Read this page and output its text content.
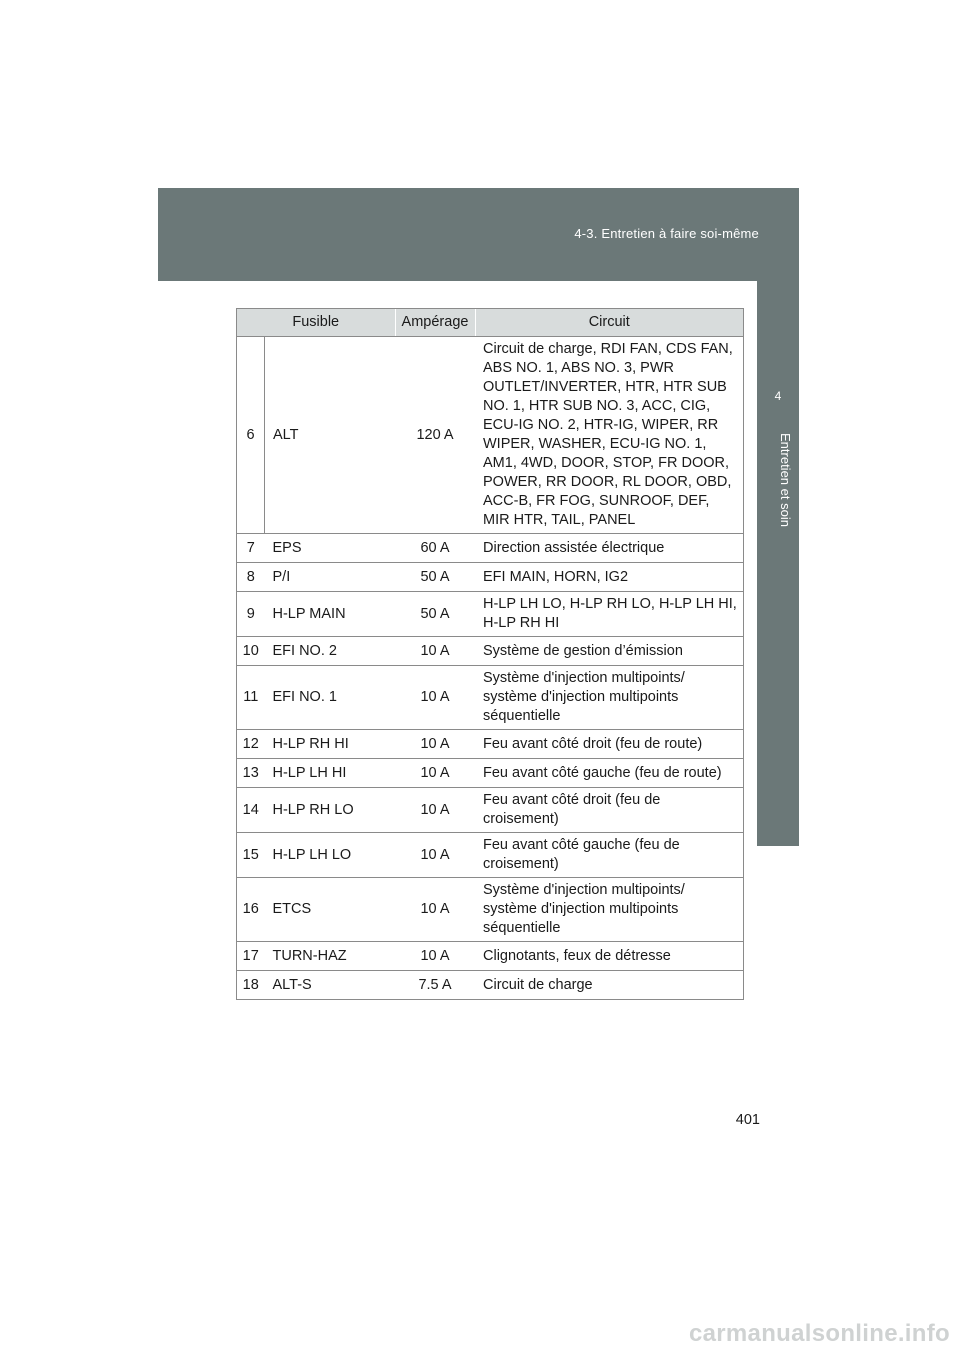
4-3. Entretien à faire soi-même
4
Entretien et soin
Fusible		Ampérage	Circuit
6	ALT	120 A	Circuit de charge, RDI FAN, CDS FAN, ABS NO. 1, ABS NO. 3, PWR OUTLET/INVERTER, HTR, HTR SUB NO. 1, HTR SUB NO. 3, ACC, CIG, ECU-IG NO. 2, HTR-IG, WIPER, RR WIPER, WASHER, ECU-IG NO. 1, AM1, 4WD, DOOR, STOP, FR DOOR, POWER, RR DOOR, RL DOOR, OBD, ACC-B, FR FOG, SUNROOF, DEF, MIR HTR, TAIL, PANEL
7	EPS	60 A	Direction assistée électrique
8	P/I	50 A	EFI MAIN, HORN, IG2
9	H-LP MAIN	50 A	H-LP LH LO, H-LP RH LO, H-LP LH HI, H-LP RH HI
10	EFI NO. 2	10 A	Système de gestion d’émission
11	EFI NO. 1	10 A	Système d'injection multipoints/ système d'injection multipoints séquentielle
12	H-LP RH HI	10 A	Feu avant côté droit (feu de route)
13	H-LP LH HI	10 A	Feu avant côté gauche (feu de route)
14	H-LP RH LO	10 A	Feu avant côté droit (feu de croisement)
15	H-LP LH LO	10 A	Feu avant côté gauche (feu de croisement)
16	ETCS	10 A	Système d'injection multipoints/ système d'injection multipoints séquentielle
17	TURN-HAZ	10 A	Clignotants, feux de détresse
18	ALT-S	7.5 A	Circuit de charge
401
carmanualsonline.info
